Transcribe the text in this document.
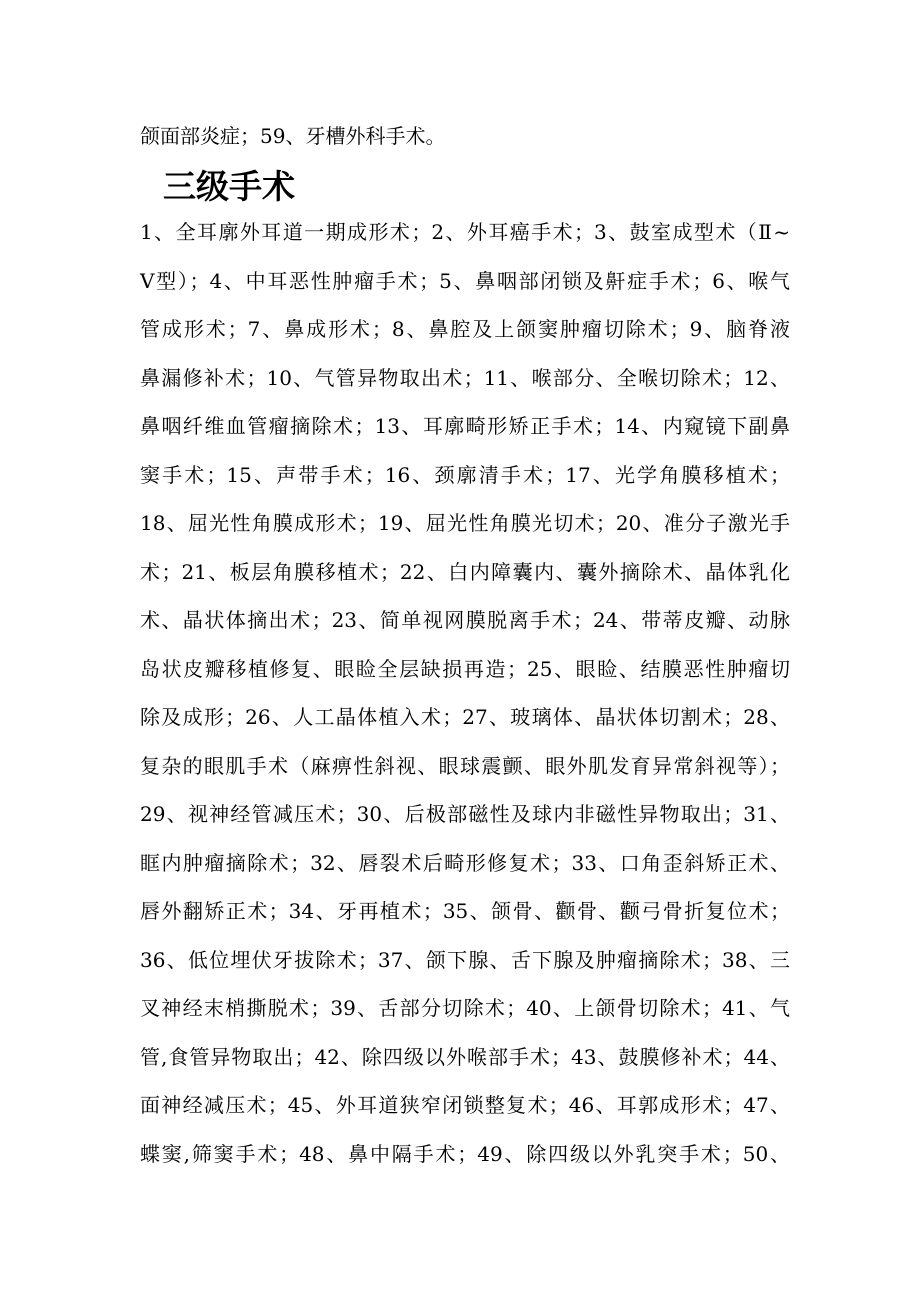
颌面部炎症；59、牙槽外科手术。
三级手术
1、全耳廓外耳道一期成形术；2、外耳癌手术；3、鼓室成型术（Ⅱ~
Ⅴ型）；4、中耳恶性肿瘤手术；5、鼻咽部闭锁及鼾症手术；6、喉气
管成形术；7、鼻成形术；8、鼻腔及上颌窦肿瘤切除术；9、脑脊液
鼻漏修补术；10、气管异物取出术；11、喉部分、全喉切除术；12、
鼻咽纤维血管瘤摘除术；13、耳廓畸形矫正手术；14、内窥镜下副鼻
窦手术；15、声带手术；16、颈廓清手术；17、光学角膜移植术；
18、屈光性角膜成形术；19、屈光性角膜光切术；20、准分子激光手
术；21、板层角膜移植术；22、白内障囊内、囊外摘除术、晶体乳化
术、晶状体摘出术；23、简单视网膜脱离手术；24、带蒂皮瓣、动脉
岛状皮瓣移植修复、眼睑全层缺损再造；25、眼睑、结膜恶性肿瘤切
除及成形；26、人工晶体植入术；27、玻璃体、晶状体切割术；28、
复杂的眼肌手术（麻痹性斜视、眼球震颤、眼外肌发育异常斜视等）；
29、视神经管减压术；30、后极部磁性及球内非磁性异物取出；31、
眶内肿瘤摘除术；32、唇裂术后畸形修复术；33、口角歪斜矫正术、
唇外翻矫正术；34、牙再植术；35、颌骨、颧骨、颧弓骨折复位术；
36、低位埋伏牙拔除术；37、颌下腺、舌下腺及肿瘤摘除术；38、三
叉神经末梢撕脱术；39、舌部分切除术；40、上颌骨切除术；41、气
管,食管异物取出；42、除四级以外喉部手术；43、鼓膜修补术；44、
面神经减压术；45、外耳道狭窄闭锁整复术；46、耳郭成形术；47、
蝶窦,筛窦手术；48、鼻中隔手术；49、除四级以外乳突手术；50、
